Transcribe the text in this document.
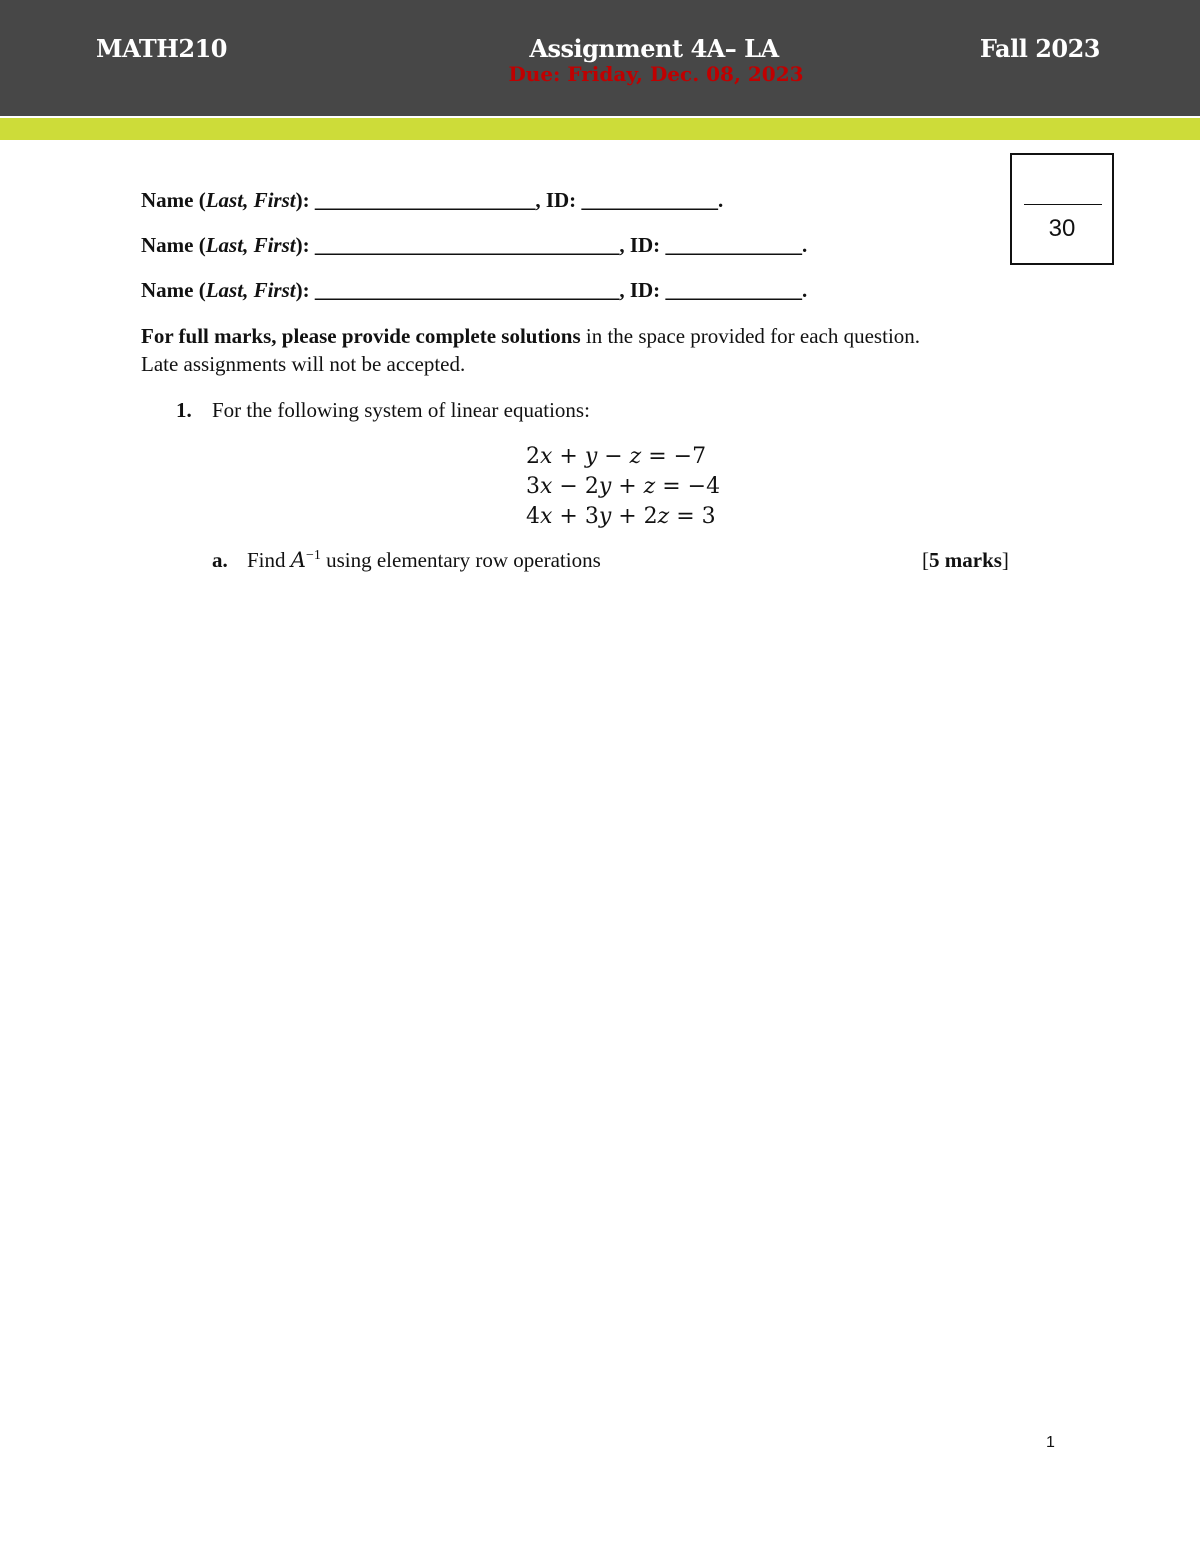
MATH210	Assignment 4A– LA	Fall 2023
Due: Friday, Dec. 08, 2023
30
Name (Last, First): _____________________, ID: _____________.
Name (Last, First): _____________________________, ID: _____________.
Name (Last, First): _____________________________, ID: _____________.
For full marks, please provide complete solutions in the space provided for each question.
Late assignments will not be accepted.
1. For the following system of linear equations:
2𝑥 + 𝑦 − 𝑧 = −7
3𝑥 − 2𝑦 + 𝑧 = −4
4𝑥 + 3𝑦 + 2𝑧 = 3
a. Find $A^{-1}$ using elementary row operations	[5 marks]
1
